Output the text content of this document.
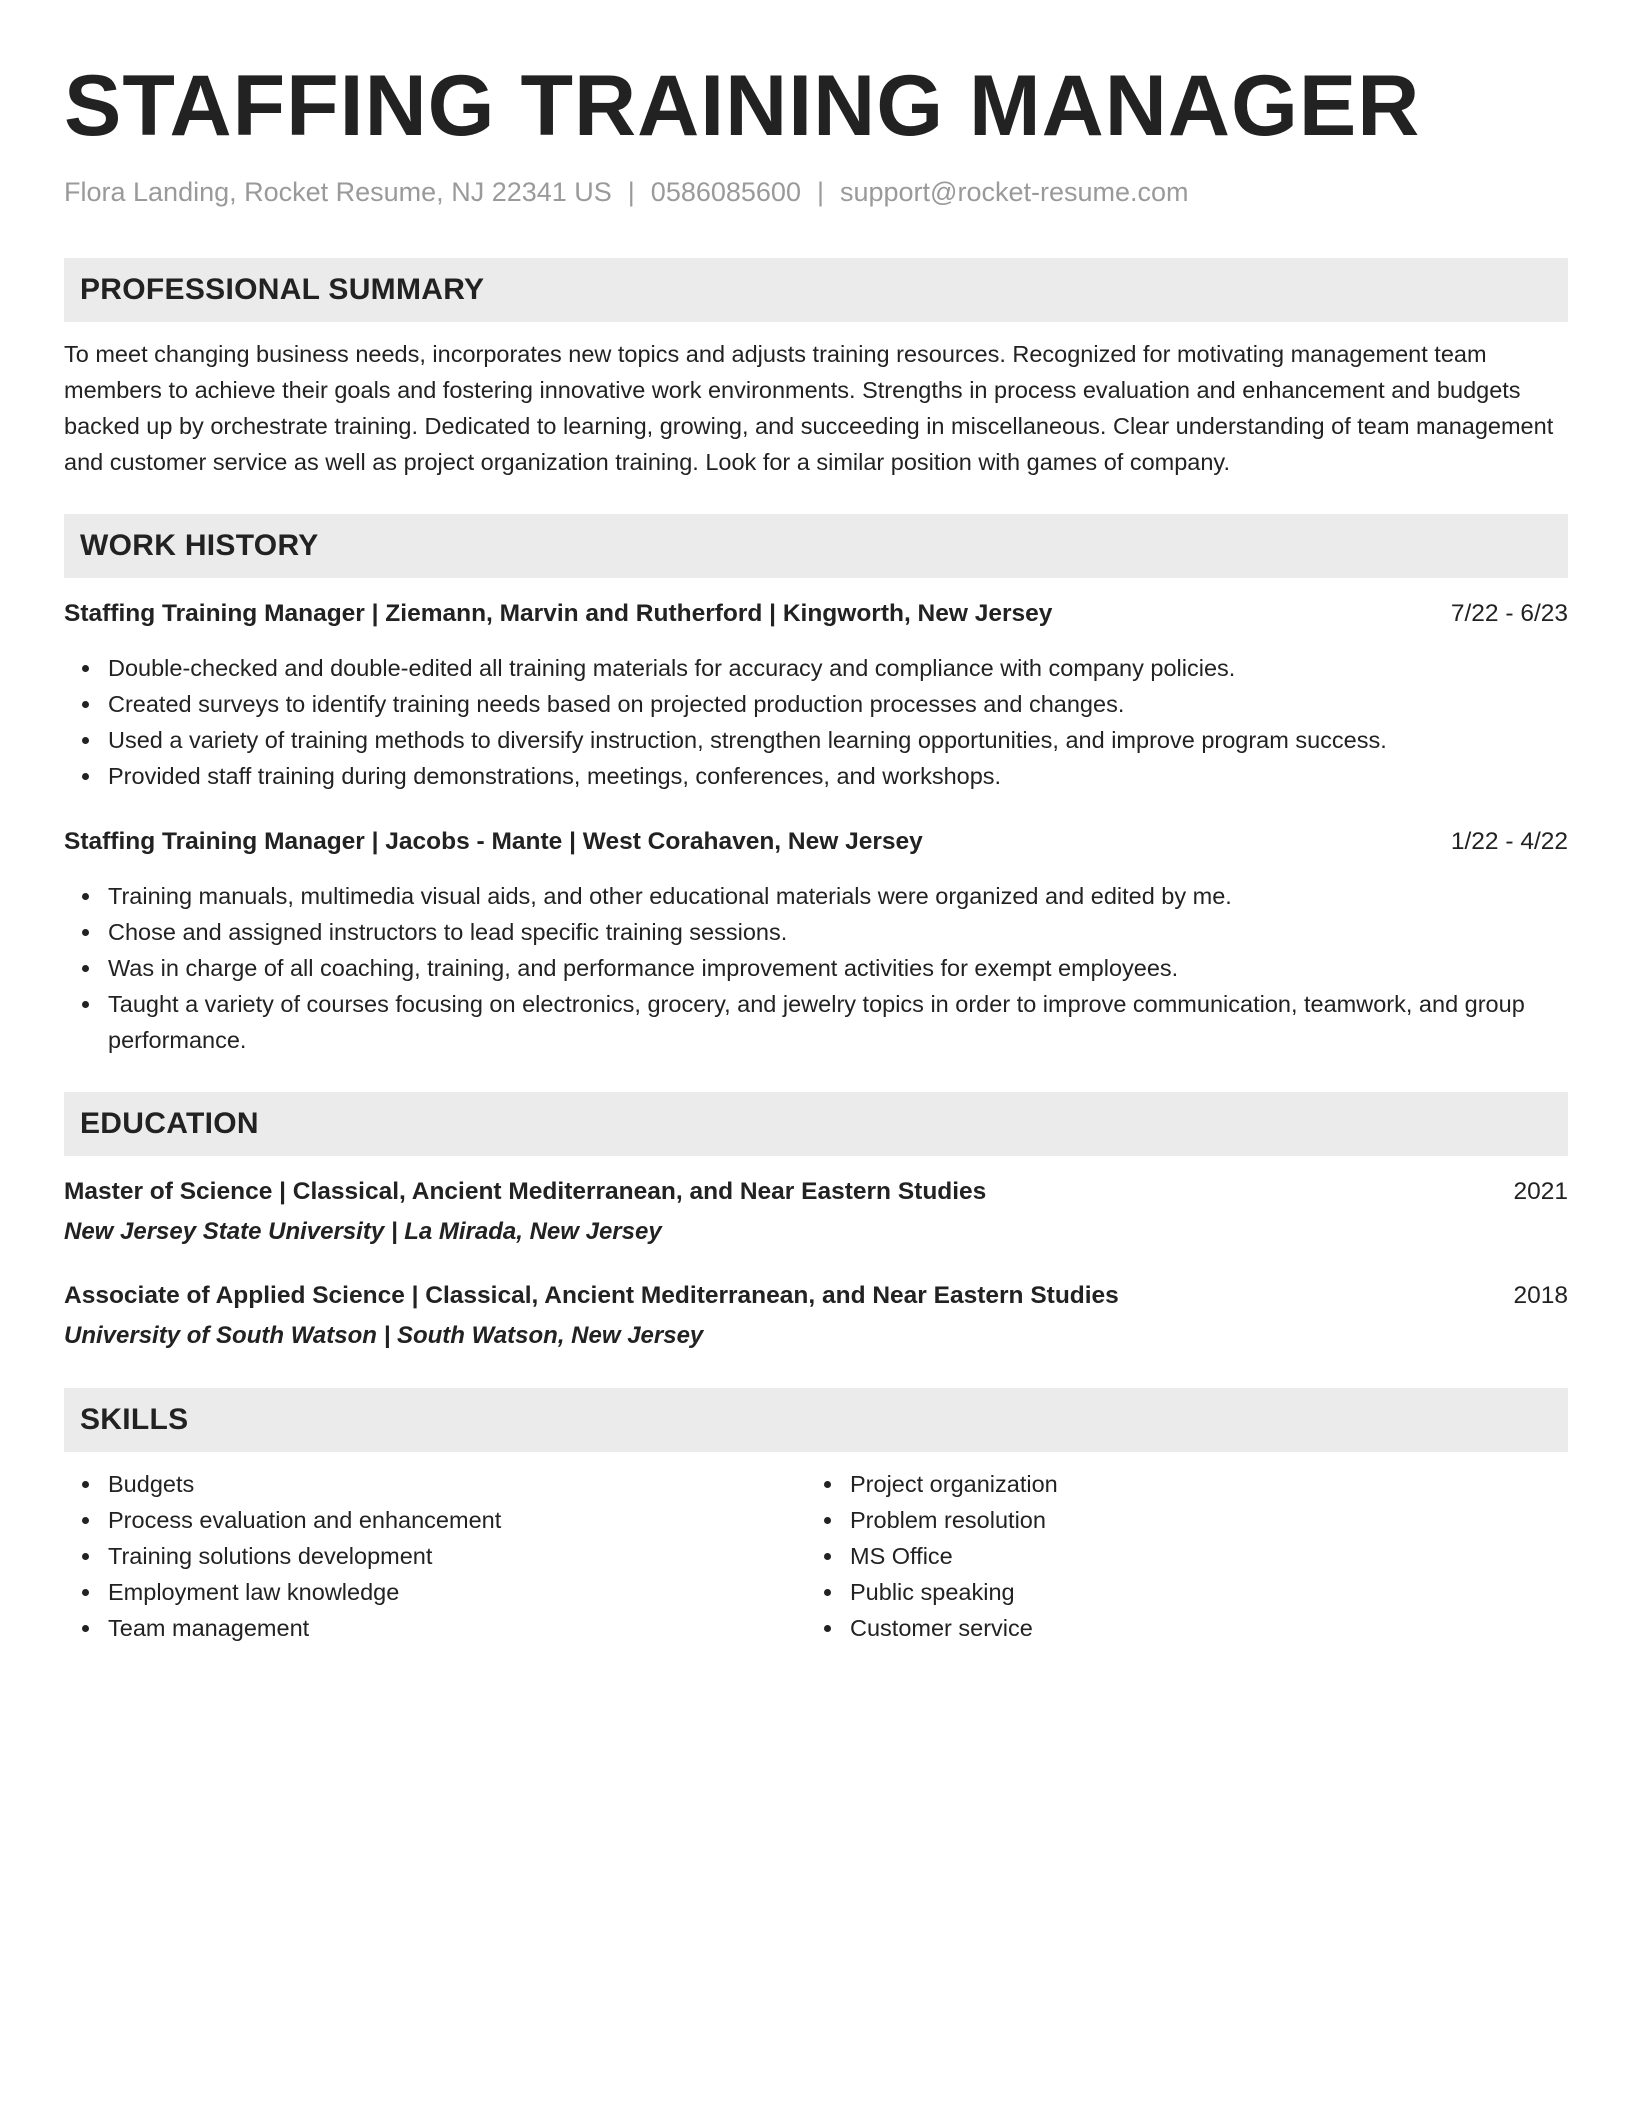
STAFFING TRAINING MANAGER
Flora Landing, Rocket Resume, NJ 22341 US | 0586085600 | support@rocket-resume.com
PROFESSIONAL SUMMARY
To meet changing business needs, incorporates new topics and adjusts training resources. Recognized for motivating management team members to achieve their goals and fostering innovative work environments. Strengths in process evaluation and enhancement and budgets backed up by orchestrate training. Dedicated to learning, growing, and succeeding in miscellaneous. Clear understanding of team management and customer service as well as project organization training. Look for a similar position with games of company.
WORK HISTORY
Staffing Training Manager | Ziemann, Marvin and Rutherford | Kingworth, New Jersey	7/22 - 6/23
Double-checked and double-edited all training materials for accuracy and compliance with company policies.
Created surveys to identify training needs based on projected production processes and changes.
Used a variety of training methods to diversify instruction, strengthen learning opportunities, and improve program success.
Provided staff training during demonstrations, meetings, conferences, and workshops.
Staffing Training Manager | Jacobs - Mante | West Corahaven, New Jersey	1/22 - 4/22
Training manuals, multimedia visual aids, and other educational materials were organized and edited by me.
Chose and assigned instructors to lead specific training sessions.
Was in charge of all coaching, training, and performance improvement activities for exempt employees.
Taught a variety of courses focusing on electronics, grocery, and jewelry topics in order to improve communication, teamwork, and group performance.
EDUCATION
Master of Science | Classical, Ancient Mediterranean, and Near Eastern Studies	2021
New Jersey State University | La Mirada, New Jersey
Associate of Applied Science | Classical, Ancient Mediterranean, and Near Eastern Studies	2018
University of South Watson | South Watson, New Jersey
SKILLS
Budgets
Process evaluation and enhancement
Training solutions development
Employment law knowledge
Team management
Project organization
Problem resolution
MS Office
Public speaking
Customer service
